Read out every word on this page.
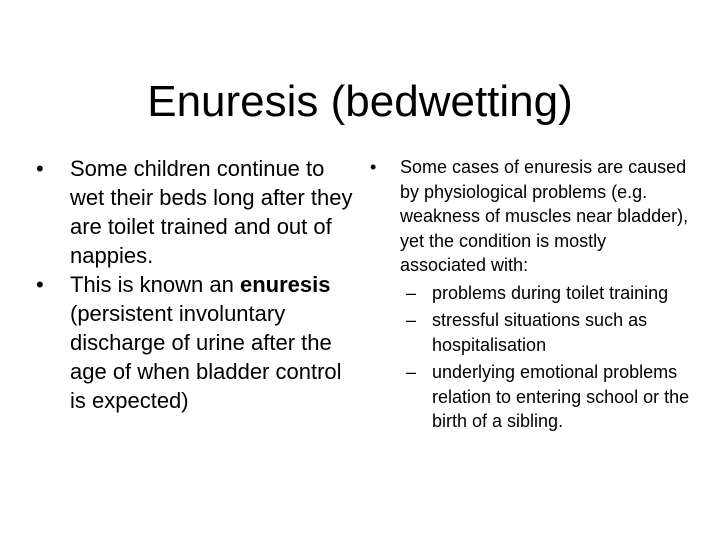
Enuresis (bedwetting)
•	Some children continue to wet their beds long after they are toilet trained and out of nappies.
•	This is known an enuresis (persistent involuntary discharge of urine after the age of when bladder control is expected)
•	Some cases of enuresis are caused by physiological problems (e.g. weakness of muscles near bladder), yet the condition is mostly associated with:
– problems during toilet training
– stressful situations such as hospitalisation
– underlying emotional problems relation to entering school or the birth of a sibling.
